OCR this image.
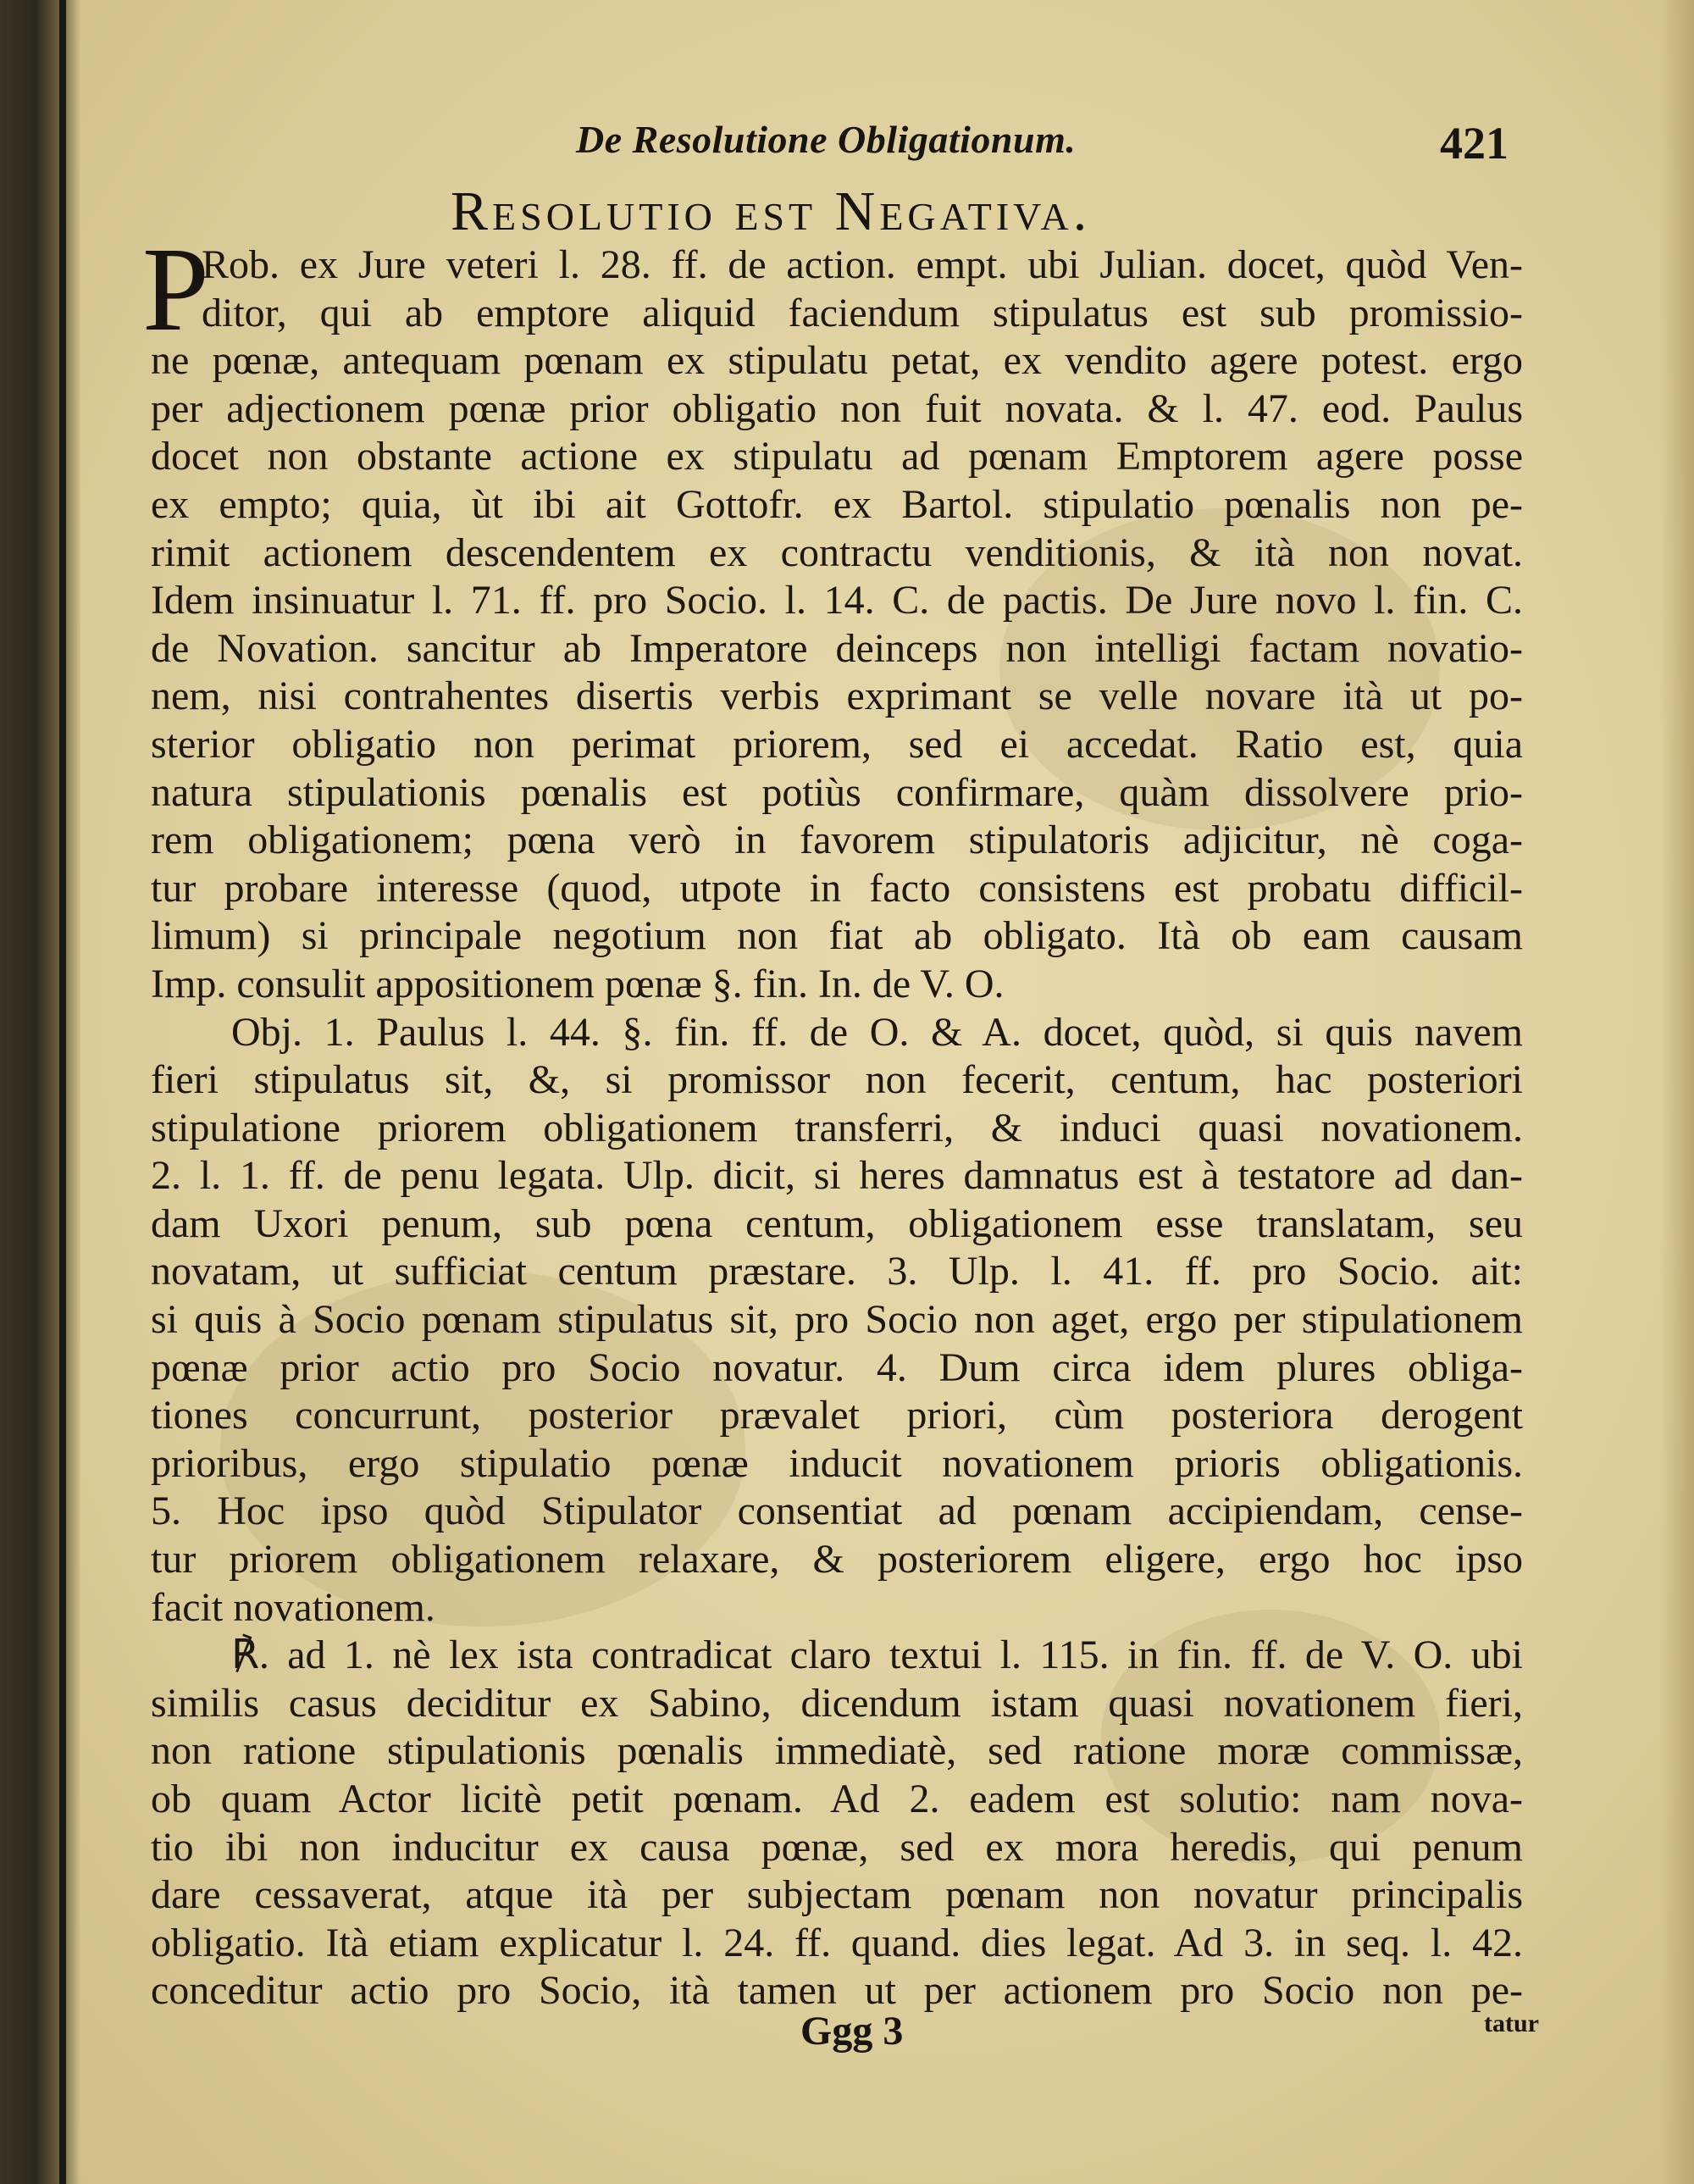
De Resolutione Obligationum.	421
Resolutio est Negativa.
P
Rob. ex Jure veteri l. 28. ff. de action. empt. ubi Julian. docet, quòd Ven-
ditor, qui ab emptore aliquid faciendum stipulatus est sub promissio-
ne pœnæ, antequam pœnam ex stipulatu petat, ex vendito agere potest. ergo
per adjectionem pœnæ prior obligatio non fuit novata. & l. 47. eod. Paulus
docet non obstante actione ex stipulatu ad pœnam Emptorem agere posse
ex empto; quia, ùt ibi ait Gottofr. ex Bartol. stipulatio pœnalis non pe-
rimit actionem descendentem ex contractu venditionis, & ità non novat.
Idem insinuatur l. 71. ff. pro Socio. l. 14. C. de pactis. De Jure novo l. fin. C.
de Novation. sancitur ab Imperatore deinceps non intelligi factam novatio-
nem, nisi contrahentes disertis verbis exprimant se velle novare ità ut po-
sterior obligatio non perimat priorem, sed ei accedat. Ratio est, quia
natura stipulationis pœnalis est potiùs confirmare, quàm dissolvere prio-
rem obligationem; pœna verò in favorem stipulatoris adjicitur, nè coga-
tur probare interesse (quod, utpote in facto consistens est probatu difficil-
limum) si principale negotium non fiat ab obligato. Ità ob eam causam
Imp. consulit appositionem pœnæ §. fin. In. de V. O.
Obj. 1. Paulus l. 44. §. fin. ff. de O. & A. docet, quòd, si quis navem
fieri stipulatus sit, &, si promissor non fecerit, centum, hac posteriori
stipulatione priorem obligationem transferri, & induci quasi novationem.
2. l. 1. ff. de penu legata. Ulp. dicit, si heres damnatus est à testatore ad dan-
dam Uxori penum, sub pœna centum, obligationem esse translatam, seu
novatam, ut sufficiat centum præstare. 3. Ulp. l. 41. ff. pro Socio. ait:
si quis à Socio pœnam stipulatus sit, pro Socio non aget, ergo per stipulationem
pœnæ prior actio pro Socio novatur. 4. Dum circa idem plures obliga-
tiones concurrunt, posterior prævalet priori, cùm posteriora derogent
prioribus, ergo stipulatio pœnæ inducit novationem prioris obligationis.
5. Hoc ipso quòd Stipulator consentiat ad pœnam accipiendam, cense-
tur priorem obligationem relaxare, & posteriorem eligere, ergo hoc ipso
facit novationem.
℟. ad 1. nè lex ista contradicat claro textui l. 115. in fin. ff. de V. O. ubi
similis casus deciditur ex Sabino, dicendum istam quasi novationem fieri,
non ratione stipulationis pœnalis immediatè, sed ratione moræ commissæ,
ob quam Actor licitè petit pœnam. Ad 2. eadem est solutio: nam nova-
tio ibi non inducitur ex causa pœnæ, sed ex mora heredis, qui penum
dare cessaverat, atque ità per subjectam pœnam non novatur principalis
obligatio. Ità etiam explicatur l. 24. ff. quand. dies legat. Ad 3. in seq. l. 42.
conceditur actio pro Socio, ità tamen ut per actionem pro Socio non pe-
Ggg 3	tatur
